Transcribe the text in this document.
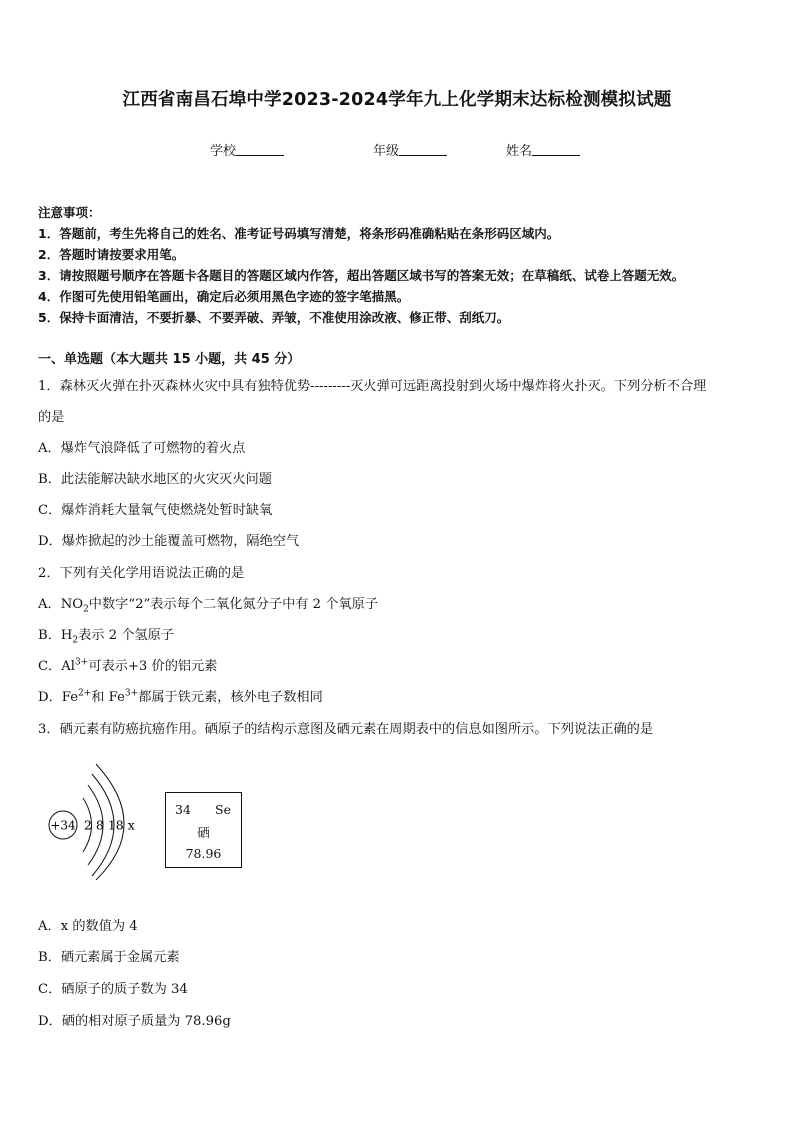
江西省南昌石埠中学2023-2024学年九上化学期末达标检测模拟试题
学校	年级	姓名
注意事项：
1．答题前，考生先将自己的姓名、准考证号码填写清楚，将条形码准确粘贴在条形码区域内。
2．答题时请按要求用笔。
3．请按照题号顺序在答题卡各题目的答题区域内作答，超出答题区域书写的答案无效；在草稿纸、试卷上答题无效。
4．作图可先使用铅笔画出，确定后必须用黑色字迹的签字笔描黑。
5．保持卡面清洁，不要折暴、不要弄破、弄皱，不准使用涂改液、修正带、刮纸刀。
一、单选题（本大题共 15 小题，共 45 分）
1．森林灭火弹在扑灭森林火灾中具有独特优势---------灭火弹可远距离投射到火场中爆炸将火扑灭。下列分析不合理
的是
A．爆炸气浪降低了可燃物的着火点
B．此法能解决缺水地区的火灾灭火问题
C．爆炸消耗大量氧气使燃烧处暂时缺氧
D．爆炸掀起的沙土能覆盖可燃物，隔绝空气
2．下列有关化学用语说法正确的是
A．$NO_2$中数字“2”表示每个二氧化氮分子中有 2 个氧原子
B．$H_2$表示 2 个氢原子
C．$Al^{3+}$可表示+3 价的铝元素
D．$Fe^{2+}$和 $Fe^{3+}$都属于铁元素，核外电子数相同
3．硒元素有防癌抗癌作用。硒原子的结构示意图及硒元素在周期表中的信息如图所示。下列说法正确的是
+34 2 8 18 x
34 Se
硒
78.96
A．x 的数值为 4
B．硒元素属于金属元素
C．硒原子的质子数为 34
D．硒的相对原子质量为 78.96g
